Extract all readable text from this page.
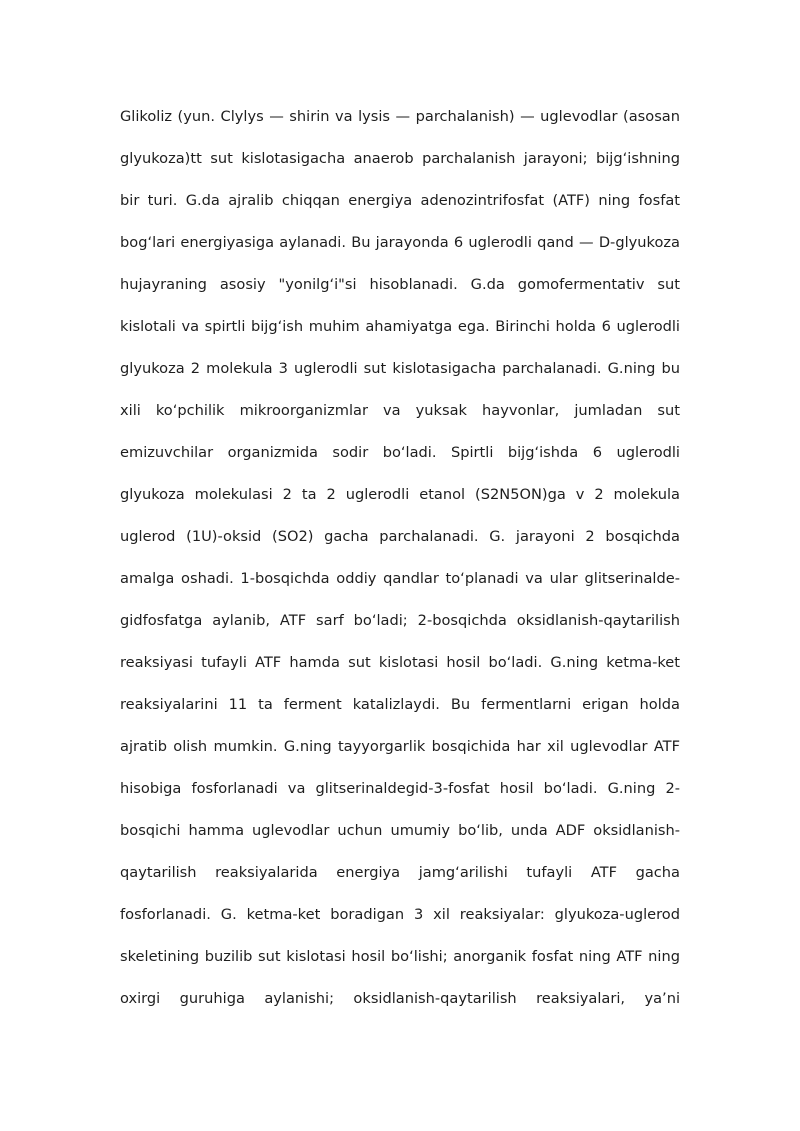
Glikoliz (yun. Clylys — shirin va lysis — parchalanish) — uglevodlar (asosan
glyukoza)tt sut kislotasigacha anaerob parchalanish jarayoni; bijg‘ishning
bir turi. G.da ajralib chiqqan energiya adenozintrifosfat (ATF) ning fosfat
bog‘lari energiyasiga aylanadi. Bu jarayonda 6 uglerodli qand — D-glyukoza
hujayraning asosiy "yonilg‘i"si hisoblanadi. G.da gomofermentativ sut
kislotali va spirtli bijg‘ish muhim ahamiyatga ega. Birinchi holda 6 uglerodli
glyukoza 2 molekula 3 uglerodli sut kislotasigacha parchalanadi. G.ning bu
xili ko‘pchilik mikroorganizmlar va yuksak hayvonlar, jumladan sut
emizuvchilar organizmida sodir bo‘ladi. Spirtli bijg‘ishda 6 uglerodli
glyukoza molekulasi 2 ta 2 uglerodli etanol (S2N5ON)ga v 2 molekula
uglerod (1U)-oksid (SO2) gacha parchalanadi. G. jarayoni 2 bosqichda
amalga oshadi. 1-bosqichda oddiy qandlar to‘planadi va ular glitserinalde-
gidfosfatga aylanib, ATF sarf bo‘ladi; 2-bosqichda oksidlanish-qaytarilish
reaksiyasi tufayli ATF hamda sut kislotasi hosil bo‘ladi. G.ning ketma-ket
reaksiyalarini 11 ta ferment katalizlaydi. Bu fermentlarni erigan holda
ajratib olish mumkin. G.ning tayyorgarlik bosqichida har xil uglevodlar ATF
hisobiga fosforlanadi va glitserinaldegid-3-fosfat hosil bo‘ladi. G.ning 2-
bosqichi hamma uglevodlar uchun umumiy bo‘lib, unda ADF oksidlanish-
qaytarilish reaksiyalarida energiya jamg‘arilishi tufayli ATF gacha
fosforlanadi. G. ketma-ket boradigan 3 xil reaksiyalar: glyukoza-uglerod
skeletining buzilib sut kislotasi hosil bo‘lishi; anorganik fosfat ning ATF ning
oxirgi guruhiga aylanishi; oksidlanish-qaytarilish reaksiyalari, ya’ni
